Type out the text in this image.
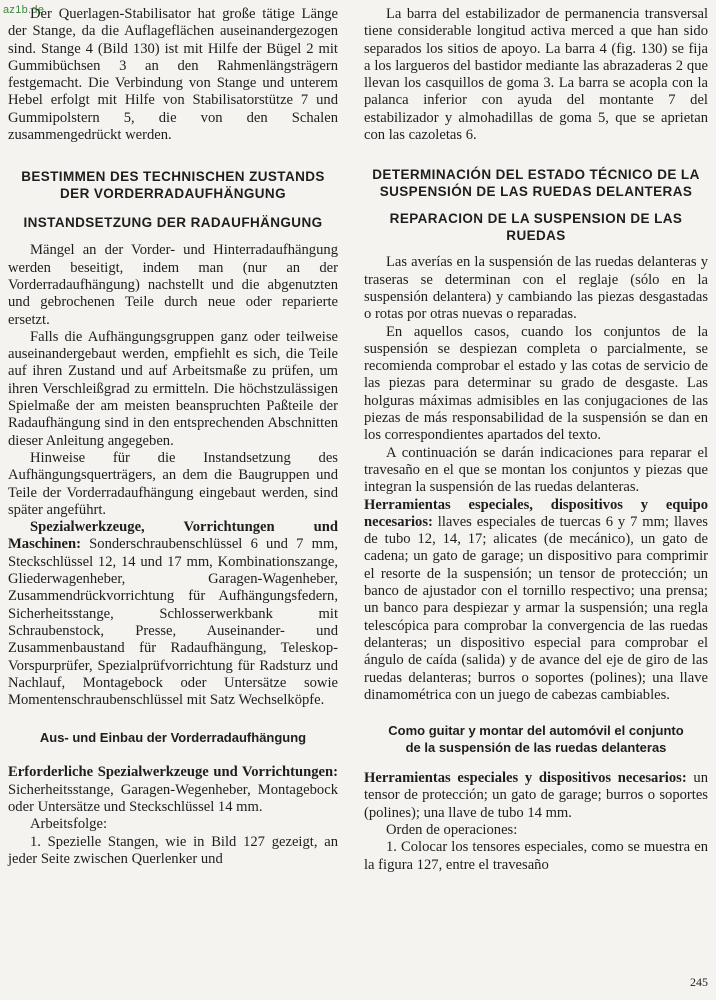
az1b.de

Der Querlagen-Stabilisator hat große tätige Länge der Stange, da die Auflageflächen auseinandergezogen sind. Stange 4 (Bild 130) ist mit Hilfe der Bügel 2 mit Gummibüchsen 3 an den Rahmenlängsträgern festgemacht. Die Verbindung von Stange und unterem Hebel erfolgt mit Hilfe von Stabilisatorstütze 7 und Gummipolstern 5, die von den Schalen zusammengedrückt werden.

BESTIMMEN DES TECHNISCHEN ZUSTANDS DER VORDERRADAUFHÄNGUNG
INSTANDSETZUNG DER RADAUFHÄNGUNG

Mängel an der Vorder- und Hinterradaufhängung werden beseitigt, indem man (nur an der Vorderradaufhängung) nachstellt und die abgenutzten und gebrochenen Teile durch neue oder reparierte ersetzt.

Falls die Aufhängungsgruppen ganz oder teilweise auseinandergebaut werden, empfiehlt es sich, die Teile auf ihren Zustand und auf Arbeitsmaße zu prüfen, um ihren Verschleißgrad zu ermitteln. Die höchstzulässigen Spielmaße der am meisten beanspruchten Paßteile der Radaufhängung sind in den entsprechenden Abschnitten dieser Anleitung angegeben.

Hinweise für die Instandsetzung des Aufhängungsquerträgers, an dem die Baugruppen und Teile der Vorderradaufhängung eingebaut werden, sind später angeführt.

Spezialwerkzeuge, Vorrichtungen und Maschinen: Sonderschraubenschlüssel 6 und 7 mm, Steckschlüssel 12, 14 und 17 mm, Kombinationszange, Gliederwagenheber, Garagen-Wagenheber, Zusammendrückvorrichtung für Aufhängungsfedern, Sicherheitsstange, Schlosserwerkbank mit Schraubenstock, Presse, Auseinander- und Zusammenbaustand für Radaufhängung, Teleskop-Vorspurprüfer, Spezialprüfvorrichtung für Radsturz und Nachlauf, Montagebock oder Untersätze sowie Momentenschraubenschlüssel mit Satz Wechselköpfe.

Aus- und Einbau der Vorderradaufhängung

Erforderliche Spezialwerkzeuge und Vorrichtungen: Sicherheitsstange, Garagen-Wegenheber, Montagebock oder Untersätze und Steckschlüssel 14 mm.

Arbeitsfolge:

1. Spezielle Stangen, wie in Bild 127 gezeigt, an jeder Seite zwischen Querlenker und

La barra del estabilizador de permanencia transversal tiene considerable longitud activa merced a que han sido separados los sitios de apoyo. La barra 4 (fig. 130) se fija a los largueros del bastidor mediante las abrazaderas 2 que llevan los casquillos de goma 3. La barra se acopla con la palanca inferior con ayuda del montante 7 del estabilizador y almohadillas de goma 5, que se aprietan con las cazoletas 6.

DETERMINACIÓN DEL ESTADO TÉCNICO DE LA SUSPENSIÓN DE LAS RUEDAS DELANTERAS
REPARACION DE LA SUSPENSION DE LAS RUEDAS

Las averías en la suspensión de las ruedas delanteras y traseras se determinan con el reglaje (sólo en la suspensión delantera) y cambiando las piezas desgastadas o rotas por otras nuevas o reparadas.

En aquellos casos, cuando los conjuntos de la suspensión se despiezan completa o parcialmente, se recomienda comprobar el estado y las cotas de servicio de las piezas para determinar su grado de desgaste. Las holguras máximas admisibles en las conjugaciones de las piezas de más responsabilidad de la suspensión se dan en los correspondientes apartados del texto.

A continuación se darán indicaciones para reparar el travesaño en el que se montan los conjuntos y piezas que integran la suspensión de las ruedas delanteras.

Herramientas especiales, dispositivos y equipo necesarios: llaves especiales de tuercas 6 y 7 mm; llaves de tubo 12, 14, 17; alicates (de mecánico), un gato de cadena; un gato de garage; un dispositivo para comprimir el resorte de la suspensión; un tensor de protección; un banco de ajustador con el tornillo respectivo; una prensa; un banco para despiezar y armar la suspensión; una regla telescópica para comprobar la convergencia de las ruedas delanteras; un dispositivo especial para comprobar el ángulo de caída (salida) y de avance del eje de giro de las ruedas delanteras; burros o soportes (polines); una llave dinamométrica con un juego de cabezas cambiables.

Como guitar y montar del automóvil el conjunto de la suspensión de las ruedas delanteras

Herramientas especiales y dispositivos necesarios: un tensor de protección; un gato de garage; burros o soportes (polines); una llave de tubo 14 mm.

Orden de operaciones:

1. Colocar los tensores especiales, como se muestra en la figura 127, entre el travesaño

245
